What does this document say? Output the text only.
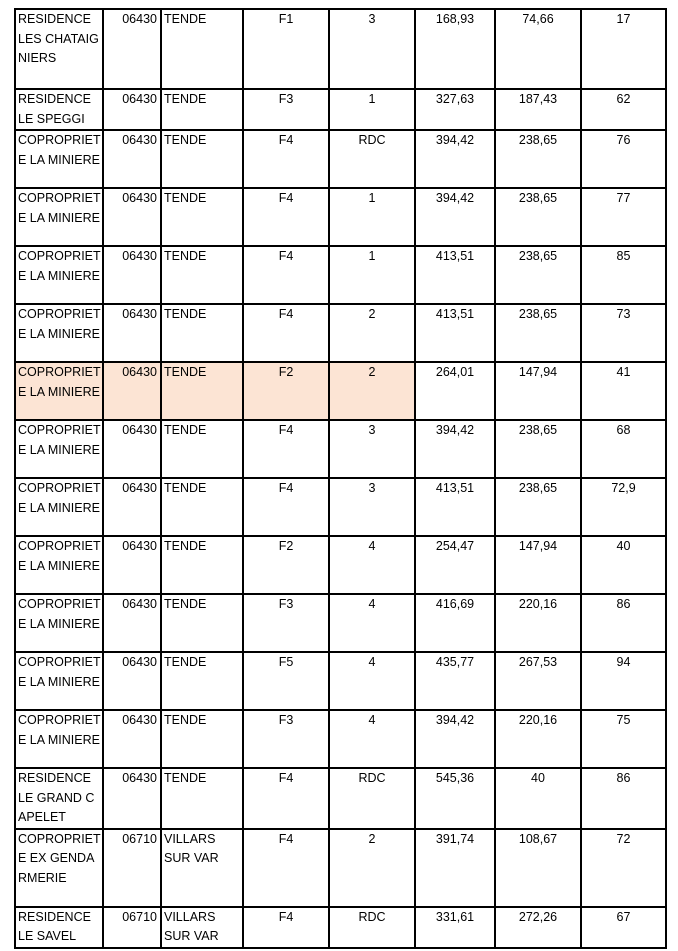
RESIDENCE LES CHATAIGNIERS	06430	TENDE	F1	3	168,93	74,66	17
RESIDENCE LE SPEGGI	06430	TENDE	F3	1	327,63	187,43	62
COPROPRIETE LA MINIERE	06430	TENDE	F4	RDC	394,42	238,65	76
COPROPRIETE LA MINIERE	06430	TENDE	F4	1	394,42	238,65	77
COPROPRIETE LA MINIERE	06430	TENDE	F4	1	413,51	238,65	85
COPROPRIETE LA MINIERE	06430	TENDE	F4	2	413,51	238,65	73
COPROPRIETE LA MINIERE	06430	TENDE	F2	2	264,01	147,94	41
COPROPRIETE LA MINIERE	06430	TENDE	F4	3	394,42	238,65	68
COPROPRIETE LA MINIERE	06430	TENDE	F4	3	413,51	238,65	72,9
COPROPRIETE LA MINIERE	06430	TENDE	F2	4	254,47	147,94	40
COPROPRIETE LA MINIERE	06430	TENDE	F3	4	416,69	220,16	86
COPROPRIETE LA MINIERE	06430	TENDE	F5	4	435,77	267,53	94
COPROPRIETE LA MINIERE	06430	TENDE	F3	4	394,42	220,16	75
RESIDENCE LE GRAND CAPELET	06430	TENDE	F4	RDC	545,36	40	86
COPROPRIETE EX GENDARMERIE	06710	VILLARS SUR VAR	F4	2	391,74	108,67	72
RESIDENCE LE SAVEL	06710	VILLARS SUR VAR	F4	RDC	331,61	272,26	67
